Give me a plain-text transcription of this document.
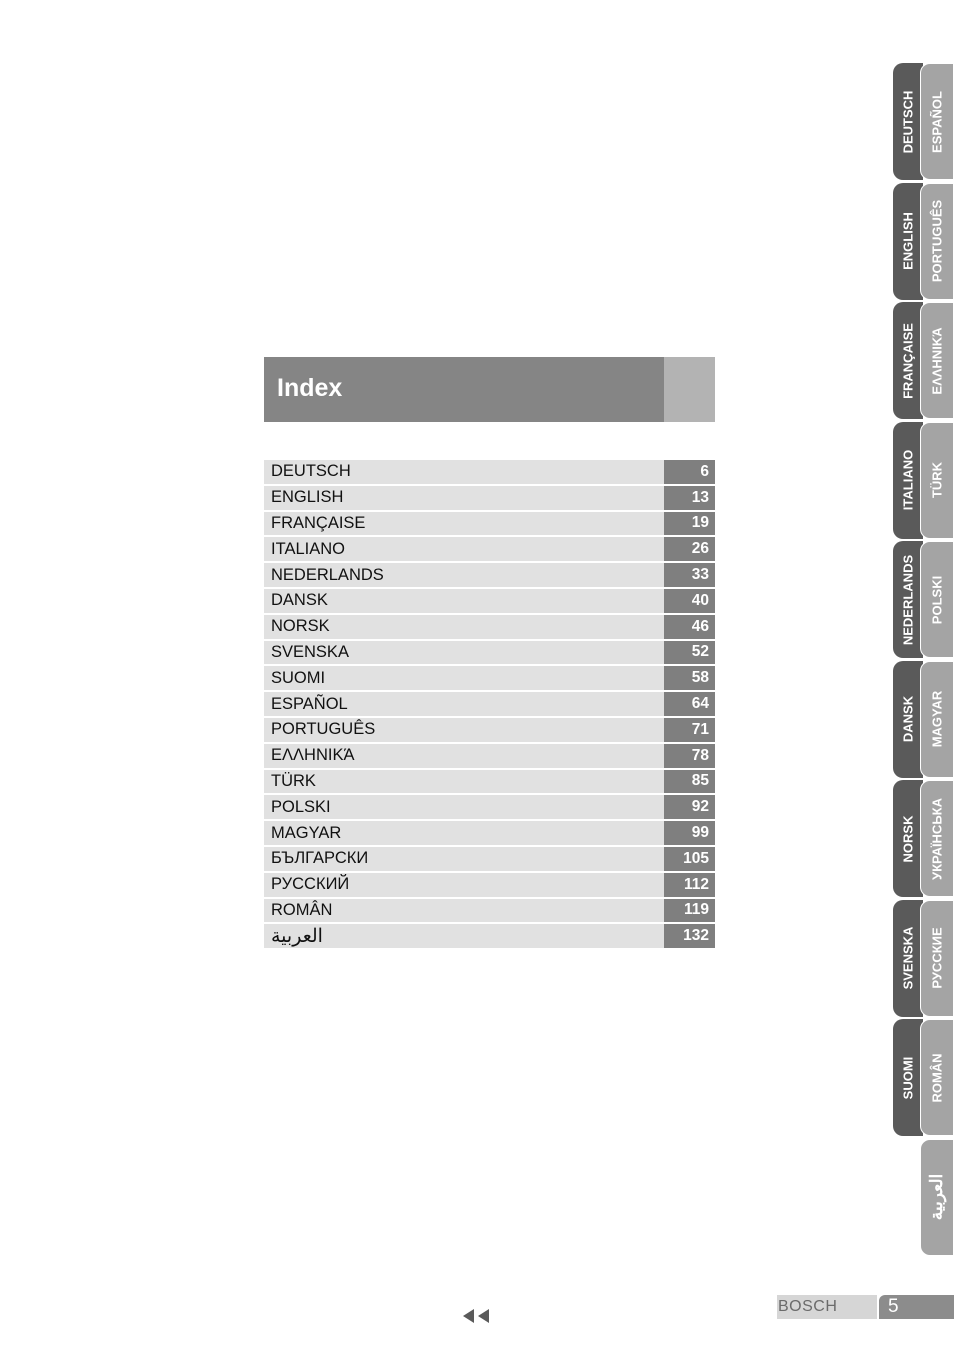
Index
DEUTSCH	6
ENGLISH	13
FRANÇAISE	19
ITALIANO	26
NEDERLANDS	33
DANSK	40
NORSK	46
SVENSKA	52
SUOMI	58
ESPAÑOL	64
PORTUGUÊS	71
ΕΛΛΗΝΙΚΆ	78
TÜRK	85
POLSKI	92
MAGYAR	99
БЪЛГАРСКИ	105
РУССКИЙ	112
ROMÂN	119
العربية	132
DEUTSCH
ENGLISH
FRANÇAISE
ITALIANO
NEDERLANDS
DANSK
NORSK
SVENSKA
SUOMI
ESPAÑOL
PORTUGUÊS
ΕΛΛΗΝΙΚΆ
TÜRK
POLSKI
MAGYAR
УКРАЇНСЬКА
РУССКИЕ
ROMÂN
العربية
BOSCH	5
